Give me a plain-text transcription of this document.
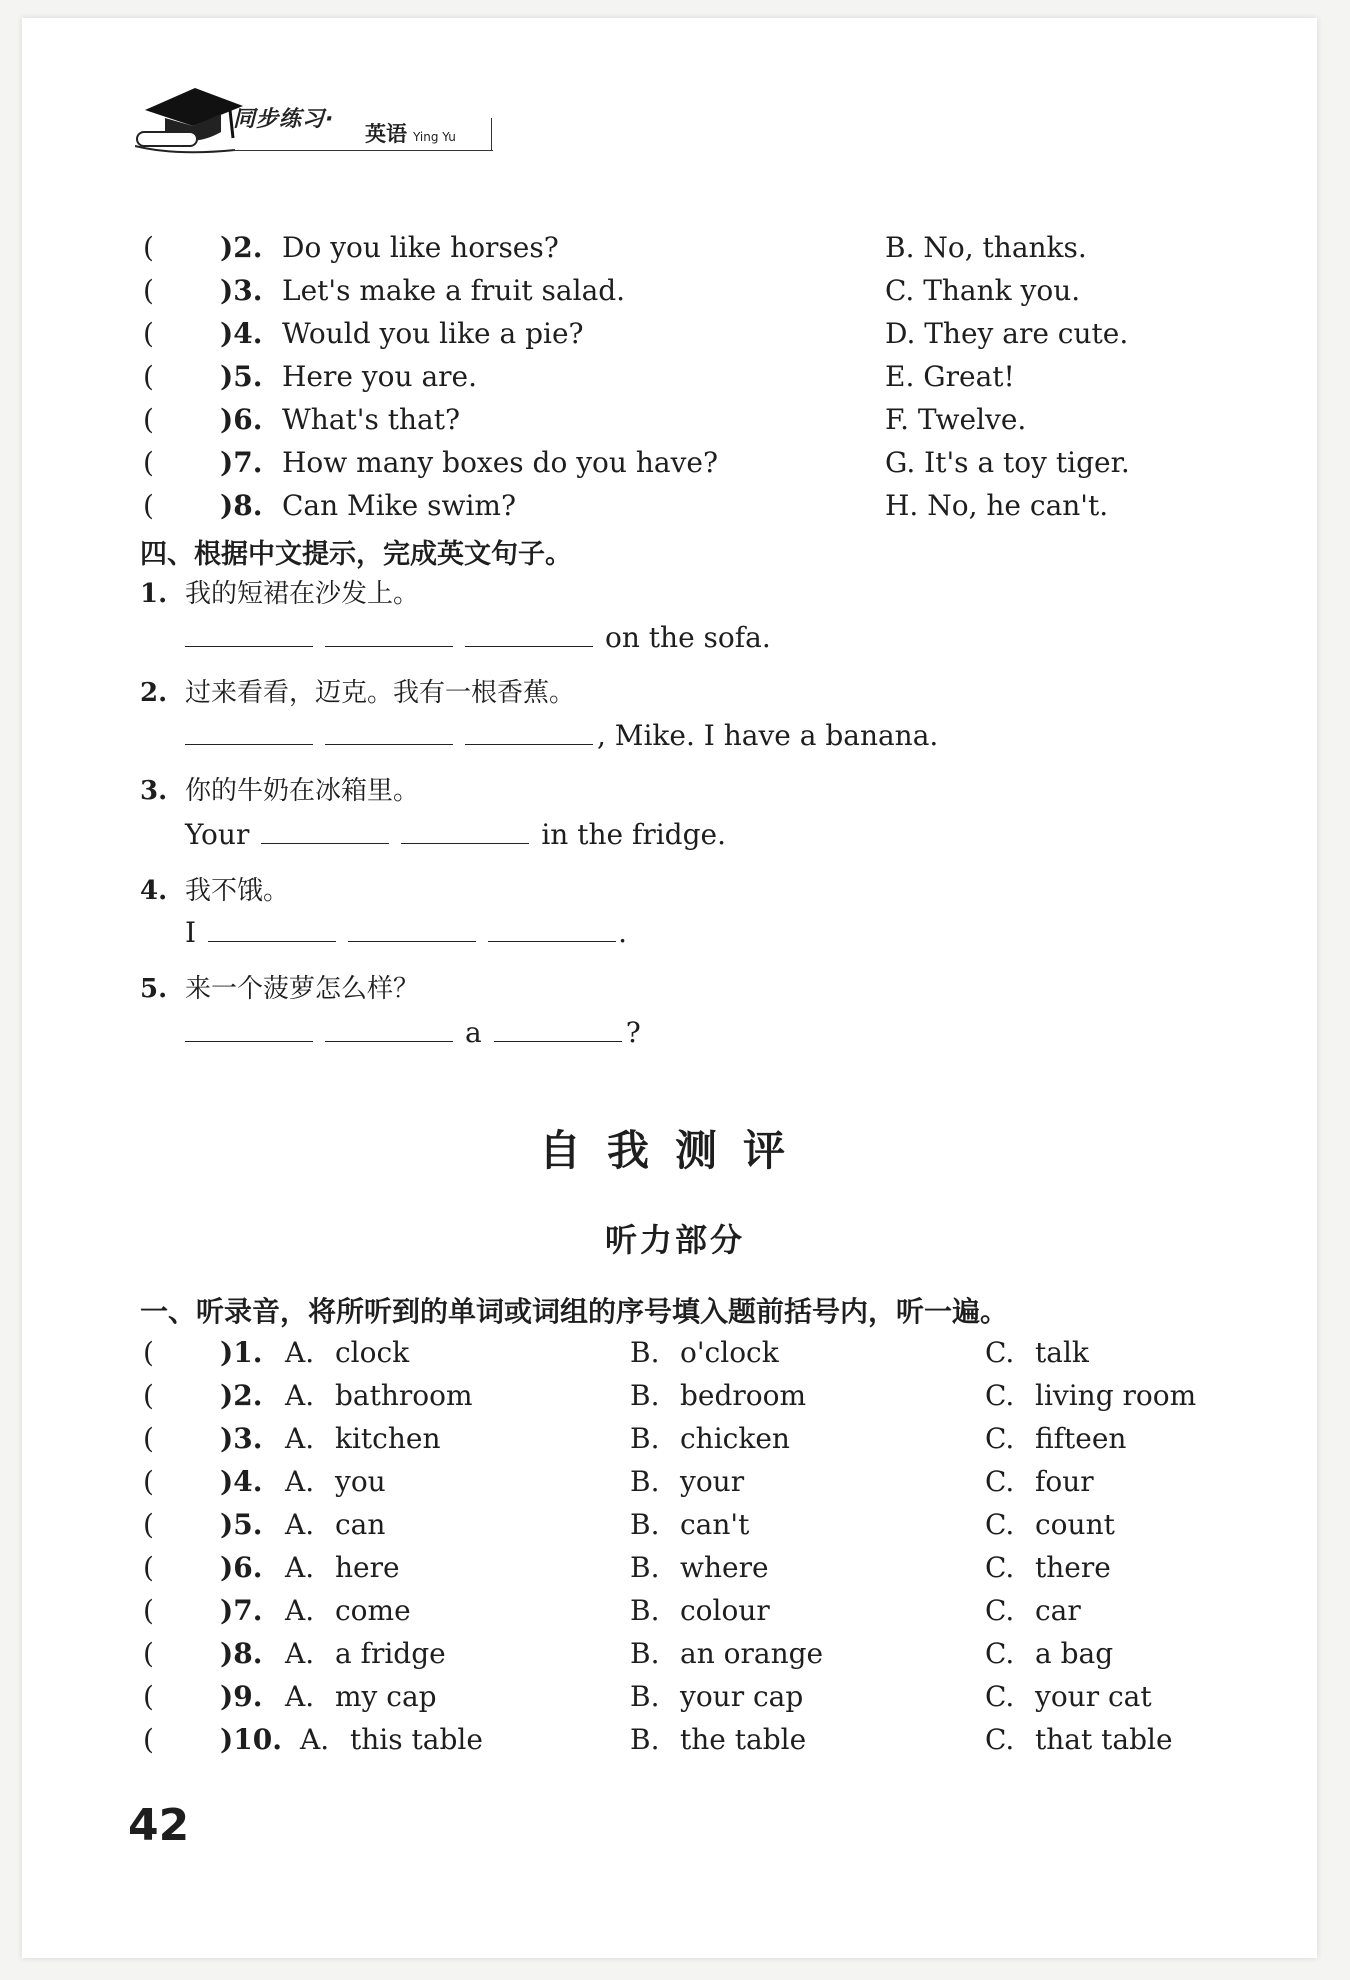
同步练习·
英语 Ying Yu
( )2. Do you like horses?	B. No, thanks.
( )3. Let's make a fruit salad.	C. Thank you.
( )4. Would you like a pie?	D. They are cute.
( )5. Here you are.	E. Great!
( )6. What's that?	F. Twelve.
( )7. How many boxes do you have?	G. It's a toy tiger.
( )8. Can Mike swim?	H. No, he can't.
四、根据中文提示，完成英文句子。
1. 我的短裙在沙发上。
on the sofa.
2. 过来看看，迈克。我有一根香蕉。
, Mike. I have a banana.
3. 你的牛奶在冰箱里。
Your	in the fridge.
4. 我不饿。
I	.
5. 来一个菠萝怎么样？
a	?
自我测评
听力部分
一、听录音，将所听到的单词或词组的序号填入题前括号内，听一遍。
( )1. A. clock	B. o'clock	C. talk
( )2. A. bathroom	B. bedroom	C. living room
( )3. A. kitchen	B. chicken	C. fifteen
( )4. A. you	B. your	C. four
( )5. A. can	B. can't	C. count
( )6. A. here	B. where	C. there
( )7. A. come	B. colour	C. car
( )8. A. a fridge	B. an orange	C. a bag
( )9. A. my cap	B. your cap	C. your cat
( )10. A. this table	B. the table	C. that table
42
